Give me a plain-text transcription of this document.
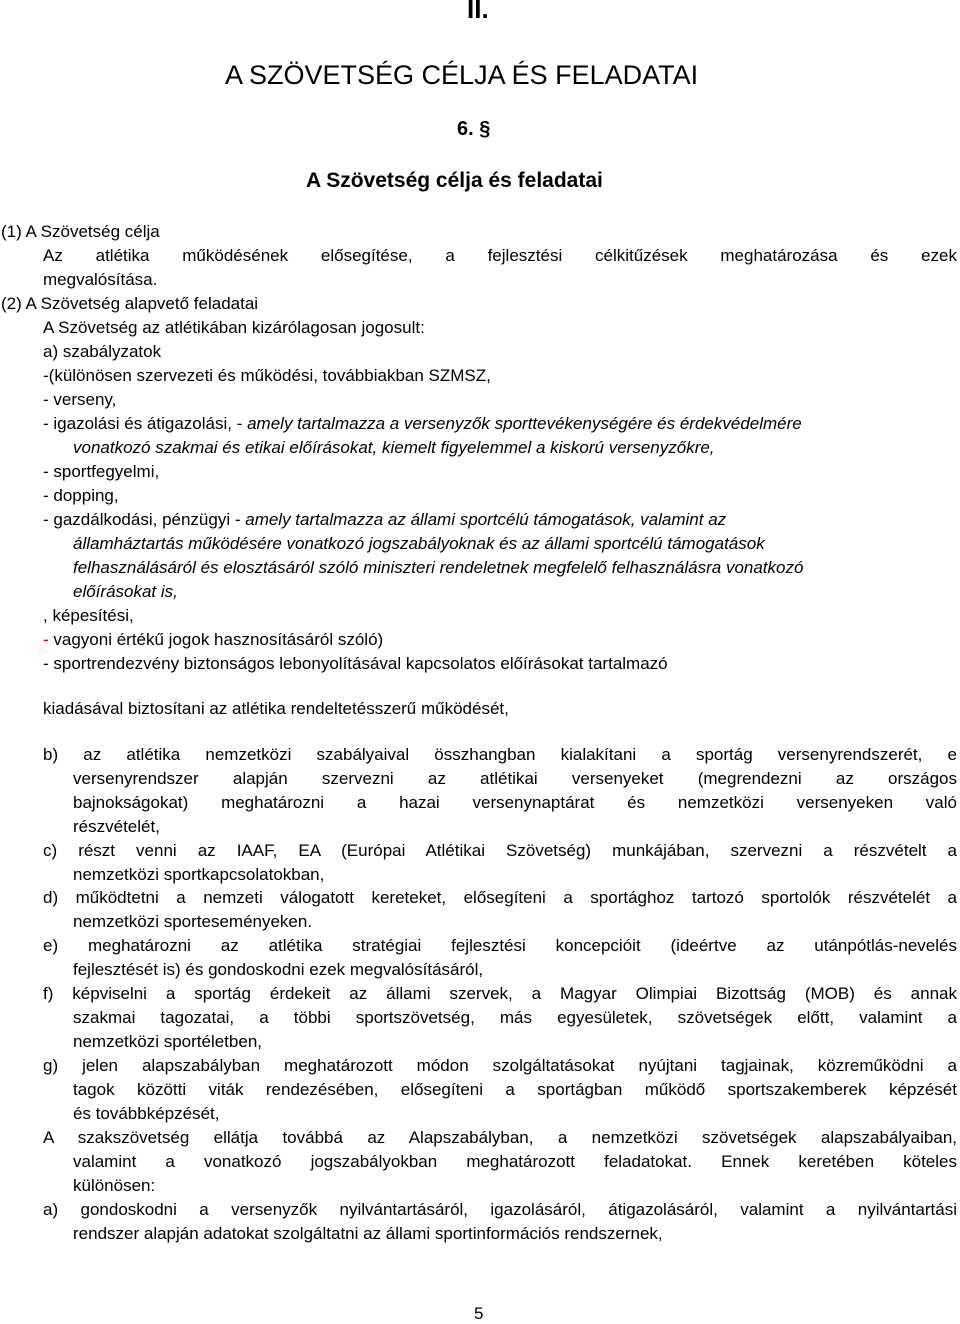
II.
A SZÖVETSÉG CÉLJA ÉS FELADATAI
6. §
A Szövetség célja és feladatai
(1) A Szövetség célja
Az atlétika működésének elősegítése, a fejlesztési célkitűzések meghatározása és ezek
megvalósítása.
(2) A Szövetség alapvető feladatai
A Szövetség az atlétikában kizárólagosan jogosult:
a) szabályzatok
-(különösen szervezeti és működési, továbbiakban SZMSZ,
- verseny,
- igazolási és átigazolási, - amely tartalmazza a versenyzők sporttevékenységére és érdekvédelmére
vonatkozó szakmai és etikai előírásokat, kiemelt figyelemmel a kiskorú versenyzőkre,
- sportfegyelmi,
- dopping,
- gazdálkodási, pénzügyi - amely tartalmazza az állami sportcélú támogatások, valamint az
államháztartás működésére vonatkozó jogszabályoknak és az állami sportcélú támogatások
felhasználásáról és elosztásáról szóló miniszteri rendeletnek megfelelő felhasználásra vonatkozó
előírásokat is,
, képesítési,
- vagyoni értékű jogok hasznosításáról szóló)
- sportrendezvény biztonságos lebonyolításával kapcsolatos előírásokat tartalmazó
kiadásával biztosítani az atlétika rendeltetésszerű működését,
b) az atlétika nemzetközi szabályaival összhangban kialakítani a sportág versenyrendszerét, e
versenyrendszer alapján szervezni az atlétikai versenyeket (megrendezni az országos
bajnokságokat) meghatározni a hazai versenynaptárat és nemzetközi versenyeken való
részvételét,
c) részt venni az IAAF, EA (Európai Atlétikai Szövetség) munkájában, szervezni a részvételt a
nemzetközi sportkapcsolatokban,
d) működtetni a nemzeti válogatott kereteket, elősegíteni a sportághoz tartozó sportolók részvételét a
nemzetközi sporteseményeken.
e) meghatározni az atlétika stratégiai fejlesztési koncepcióit (ideértve az utánpótlás-nevelés
fejlesztését is) és gondoskodni ezek megvalósításáról,
f) képviselni a sportág érdekeit az állami szervek, a Magyar Olimpiai Bizottság (MOB) és annak
szakmai tagozatai, a többi sportszövetség, más egyesületek, szövetségek előtt, valamint a
nemzetközi sportéletben,
g) jelen alapszabályban meghatározott módon szolgáltatásokat nyújtani tagjainak, közreműködni a
tagok közötti viták rendezésében, elősegíteni a sportágban működő sportszakemberek képzését
és továbbképzését,
A szakszövetség ellátja továbbá az Alapszabályban, a nemzetközi szövetségek alapszabályaiban,
valamint a vonatkozó jogszabályokban meghatározott feladatokat. Ennek keretében köteles
különösen:
a) gondoskodni a versenyzők nyilvántartásáról, igazolásáról, átigazolásáról, valamint a nyilvántartási
rendszer alapján adatokat szolgáltatni az állami sportinformációs rendszernek,
5
